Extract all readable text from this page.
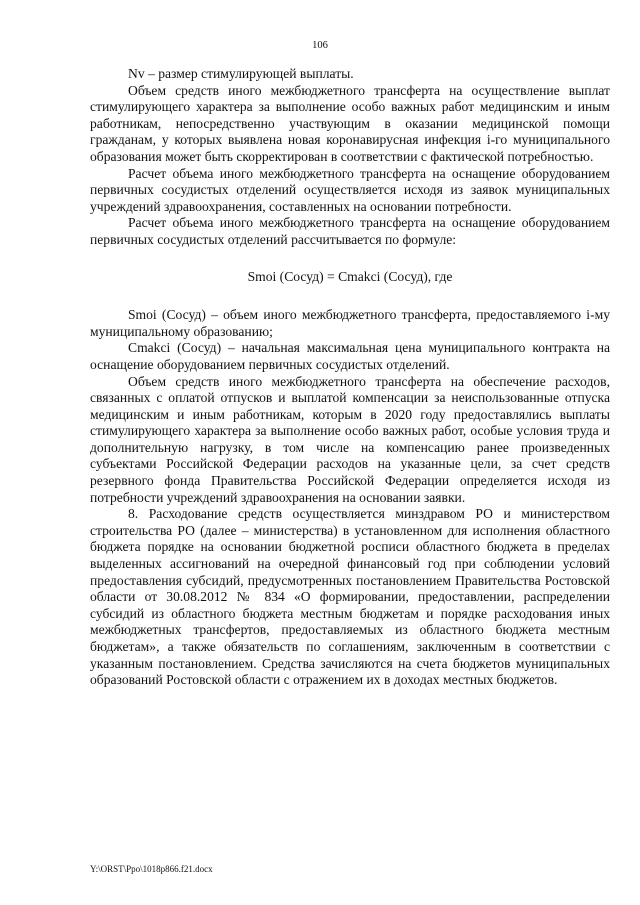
106

Nv – размер стимулирующей выплаты.

Объем средств иного межбюджетного трансферта на осуществление выплат стимулирующего характера за выполнение особо важных работ медицинским и иным работникам, непосредственно участвующим в оказании медицинской помощи гражданам, у которых выявлена новая коронавирусная инфекция i-го муниципального образования может быть скорректирован в соответствии с фактической потребностью.

Расчет объема иного межбюджетного трансферта на оснащение оборудованием первичных сосудистых отделений осуществляется исходя из заявок муниципальных учреждений здравоохранения, составленных на основании потребности.

Расчет объема иного межбюджетного трансферта на оснащение оборудованием первичных сосудистых отделений рассчитывается по формуле:

Smoi (Сосуд) = Cmakci (Сосуд), где

Smoi (Сосуд) – объем иного межбюджетного трансферта, предоставляемого i-му муниципальному образованию;

Cmakci (Сосуд) – начальная максимальная цена муниципального контракта на оснащение оборудованием первичных сосудистых отделений.

Объем средств иного межбюджетного трансферта на обеспечение расходов, связанных с оплатой отпусков и выплатой компенсации за неиспользованные отпуска медицинским и иным работникам, которым в 2020 году предоставлялись выплаты стимулирующего характера за выполнение особо важных работ, особые условия труда и дополнительную нагрузку, в том числе на компенсацию ранее произведенных субъектами Российской Федерации расходов на указанные цели, за счет средств резервного фонда Правительства Российской Федерации определяется исходя из потребности учреждений здравоохранения на основании заявки.

8. Расходование средств осуществляется минздравом РО и министерством строительства РО (далее – министерства) в установленном для исполнения областного бюджета порядке на основании бюджетной росписи областного бюджета в пределах выделенных ассигнований на очередной финансовый год при соблюдении условий предоставления субсидий, предусмотренных постановлением Правительства Ростовской области от 30.08.2012 № 834 «О формировании, предоставлении, распределении субсидий из областного бюджета местным бюджетам и порядке расходования иных межбюджетных трансфертов, предоставляемых из областного бюджета местным бюджетам», а также обязательств по соглашениям, заключенным в соответствии с указанным постановлением. Средства зачисляются на счета бюджетов муниципальных образований Ростовской области с отражением их в доходах местных бюджетов.

Y:\ORST\Ppo\1018p866.f21.docx
